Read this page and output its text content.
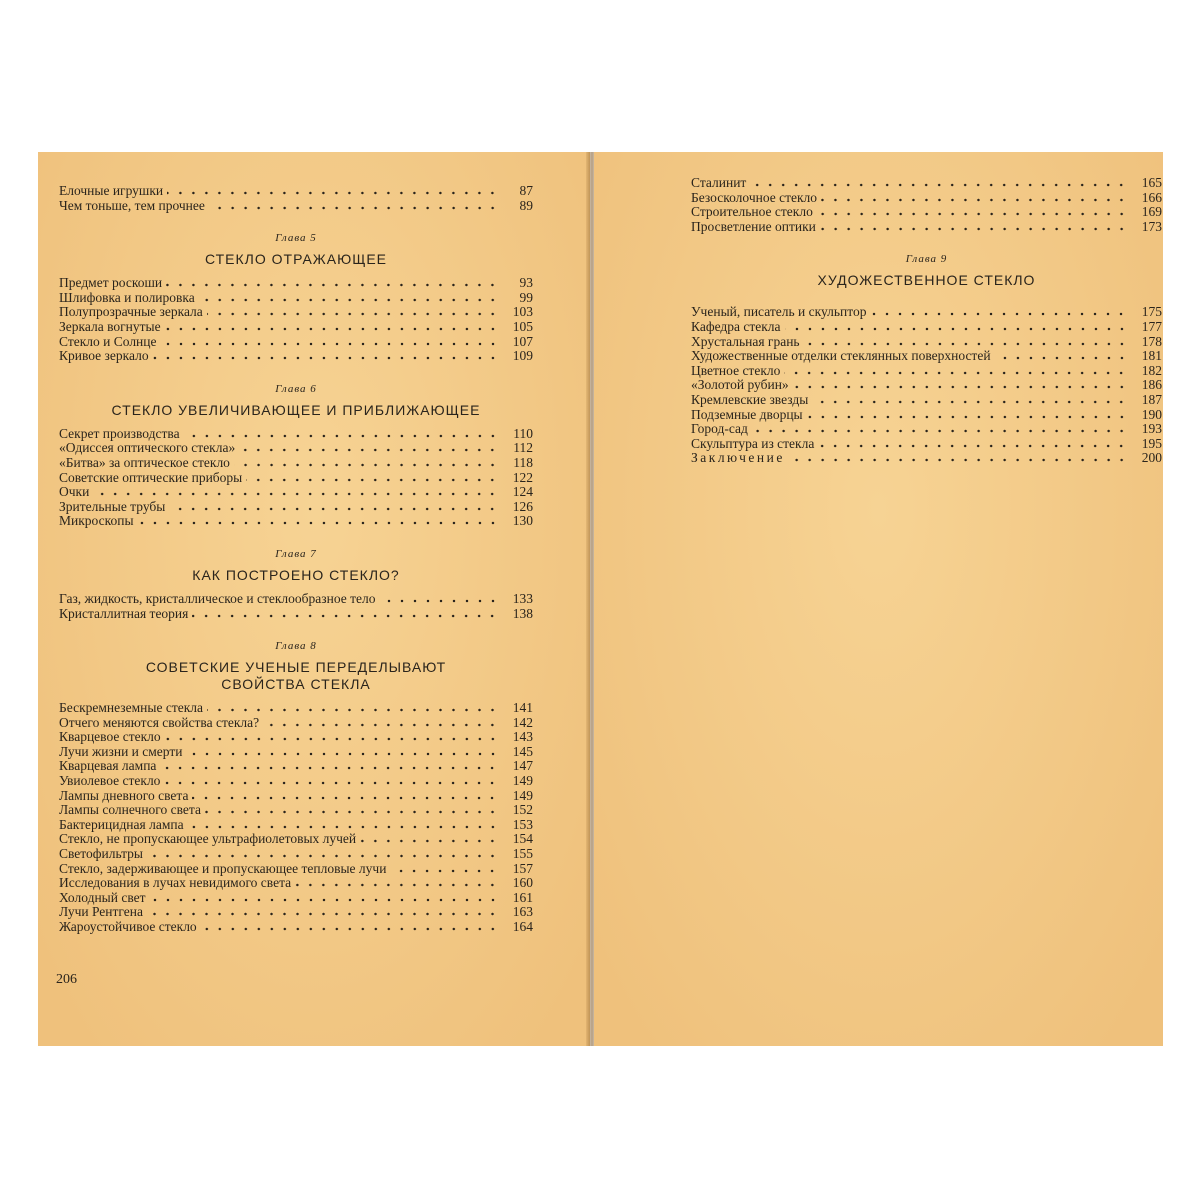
Елочные игрушки	87
Чем тоньше, тем прочнее	89
Глава 5
СТЕКЛО ОТРАЖАЮЩЕЕ
Предмет роскоши	93
Шлифовка и полировка	99
Полупрозрачные зеркала	103
Зеркала вогнутые	105
Стекло и Солнце	107
Кривое зеркало	109
Глава 6
СТЕКЛО УВЕЛИЧИВАЮЩЕЕ И ПРИБЛИЖАЮЩЕЕ
Секрет производства	110
«Одиссея оптического стекла»	112
«Битва» за оптическое стекло	118
Советские оптические приборы	122
Очки	124
Зрительные трубы	126
Микроскопы	130
Глава 7
КАК ПОСТРОЕНО СТЕКЛО?
Газ, жидкость, кристаллическое и стеклообразное тело	133
Кристаллитная теория	138
Глава 8
СОВЕТСКИЕ УЧЕНЫЕ ПЕРЕДЕЛЫВАЮТ СВОЙСТВА СТЕКЛА
Бескремнеземные стекла	141
Отчего меняются свойства стекла?	142
Кварцевое стекло	143
Лучи жизни и смерти	145
Кварцевая лампа	147
Увиолевое стекло	149
Лампы дневного света	149
Лампы солнечного света	152
Бактерицидная лампа	153
Стекло, не пропускающее ультрафиолетовых лучей	154
Светофильтры	155
Стекло, задерживающее и пропускающее тепловые лучи	157
Исследования в лучах невидимого света	160
Холодный свет	161
Лучи Рентгена	163
Жароустойчивое стекло	164
206
Сталинит	165
Безосколочное стекло	166
Строительное стекло	169
Просветление оптики	173
Глава 9
ХУДОЖЕСТВЕННОЕ СТЕКЛО
Ученый, писатель и скульптор	175
Кафедра стекла	177
Хрустальная грань	178
Художественные отделки стеклянных поверхностей	181
Цветное стекло	182
«Золотой рубин»	186
Кремлевские звезды	187
Подземные дворцы	190
Город-сад	193
Скульптура из стекла	195
Заключение	200
